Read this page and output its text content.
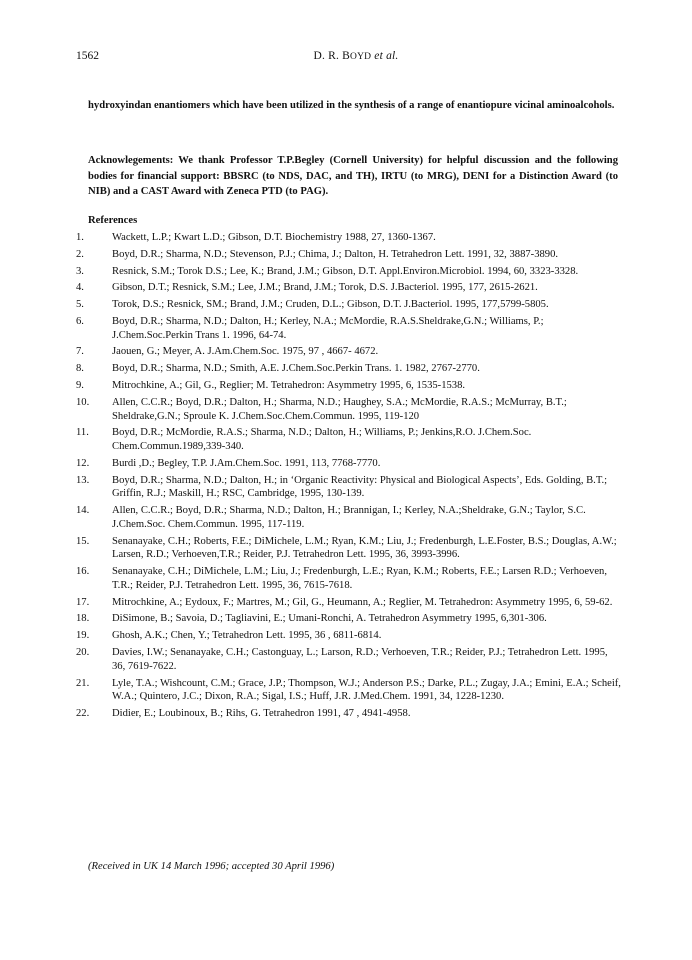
1562	D. R. BOYD et al.

hydroxyindan enantiomers which have been utilized in the synthesis of a range of enantiopure vicinal aminoalcohols.

Acknowlegements: We thank Professor T.P.Begley (Cornell University) for helpful discussion and the following bodies for financial support: BBSRC (to NDS, DAC, and TH), IRTU (to MRG), DENI for a Distinction Award (to NIB) and a CAST Award with Zeneca PTD (to PAG).

References
1.	Wackett, L.P.; Kwart L.D.; Gibson, D.T. Biochemistry 1988, 27, 1360-1367.
2.	Boyd, D.R.; Sharma, N.D.; Stevenson, P.J.; Chima, J.; Dalton, H. Tetrahedron Lett. 1991, 32, 3887-3890.
3.	Resnick, S.M.; Torok D.S.; Lee, K.; Brand, J.M.; Gibson, D.T. Appl.Environ.Microbiol. 1994, 60, 3323-3328.
4.	Gibson, D.T.; Resnick, S.M.; Lee, J.M.; Brand, J.M.; Torok, D.S. J.Bacteriol. 1995, 177, 2615-2621.
5.	Torok, D.S.; Resnick, SM.; Brand, J.M.; Cruden, D.L.; Gibson, D.T. J.Bacteriol. 1995, 177,5799-5805.
6.	Boyd, D.R.; Sharma, N.D.; Dalton, H.; Kerley, N.A.; McMordie, R.A.S.Sheldrake,G.N.; Williams, P.; J.Chem.Soc.Perkin Trans 1. 1996, 64-74.
7.	Jaouen, G.; Meyer, A. J.Am.Chem.Soc. 1975, 97 , 4667- 4672.
8.	Boyd, D.R.; Sharma, N.D.; Smith, A.E. J.Chem.Soc.Perkin Trans. 1. 1982, 2767-2770.
9.	Mitrochkine, A.; Gil, G., Reglier; M. Tetrahedron: Asymmetry 1995, 6, 1535-1538.
10.	Allen, C.C.R.; Boyd, D.R.; Dalton, H.; Sharma, N.D.; Haughey, S.A.; McMordie, R.A.S.; McMurray, B.T.; Sheldrake,G.N.; Sproule K. J.Chem.Soc.Chem.Commun. 1995, 119-120
11.	Boyd, D.R.; McMordie, R.A.S.; Sharma, N.D.; Dalton, H.; Williams, P.; Jenkins,R.O. J.Chem.Soc. Chem.Commun.1989,339-340.
12.	Burdi ,D.; Begley, T.P. J.Am.Chem.Soc. 1991, 113, 7768-7770.
13.	Boyd, D.R.; Sharma, N.D.; Dalton, H.; in ‘Organic Reactivity: Physical and Biological Aspects’, Eds. Golding, B.T.; Griffin, R.J.; Maskill, H.; RSC, Cambridge, 1995, 130-139.
14.	Allen, C.C.R.; Boyd, D.R.; Sharma, N.D.; Dalton, H.; Brannigan, I.; Kerley, N.A.;Sheldrake, G.N.; Taylor, S.C. J.Chem.Soc. Chem.Commun. 1995, 117-119.
15.	Senanayake, C.H.; Roberts, F.E.; DiMichele, L.M.; Ryan, K.M.; Liu, J.; Fredenburgh, L.E.Foster, B.S.; Douglas, A.W.; Larsen, R.D.; Verhoeven,T.R.; Reider, P.J. Tetrahedron Lett. 1995, 36, 3993-3996.
16.	Senanayake, C.H.; DiMichele, L.M.; Liu, J.; Fredenburgh, L.E.; Ryan, K.M.; Roberts, F.E.; Larsen R.D.; Verhoeven, T.R.; Reider, P.J. Tetrahedron Lett. 1995, 36, 7615-7618.
17.	Mitrochkine, A.; Eydoux, F.; Martres, M.; Gil, G., Heumann, A.; Reglier, M. Tetrahedron: Asymmetry 1995, 6, 59-62.
18.	DiSimone, B.; Savoia, D.; Tagliavini, E.; Umani-Ronchi, A. Tetrahedron Asymmetry 1995, 6,301-306.
19.	Ghosh, A.K.; Chen, Y.; Tetrahedron Lett. 1995, 36 , 6811-6814.
20.	Davies, I.W.; Senanayake, C.H.; Castonguay, L.; Larson, R.D.; Verhoeven, T.R.; Reider, P.J.; Tetrahedron Lett. 1995, 36, 7619-7622.
21.	Lyle, T.A.; Wishcount, C.M.; Grace, J.P.; Thompson, W.J.; Anderson P.S.; Darke, P.L.; Zugay, J.A.; Emini, E.A.; Scheif, W.A.; Quintero, J.C.; Dixon, R.A.; Sigal, I.S.; Huff, J.R. J.Med.Chem. 1991, 34, 1228-1230.
22.	Didier, E.; Loubinoux, B.; Rihs, G. Tetrahedron 1991, 47 , 4941-4958.
(Received in UK 14 March 1996; accepted 30 April 1996)
